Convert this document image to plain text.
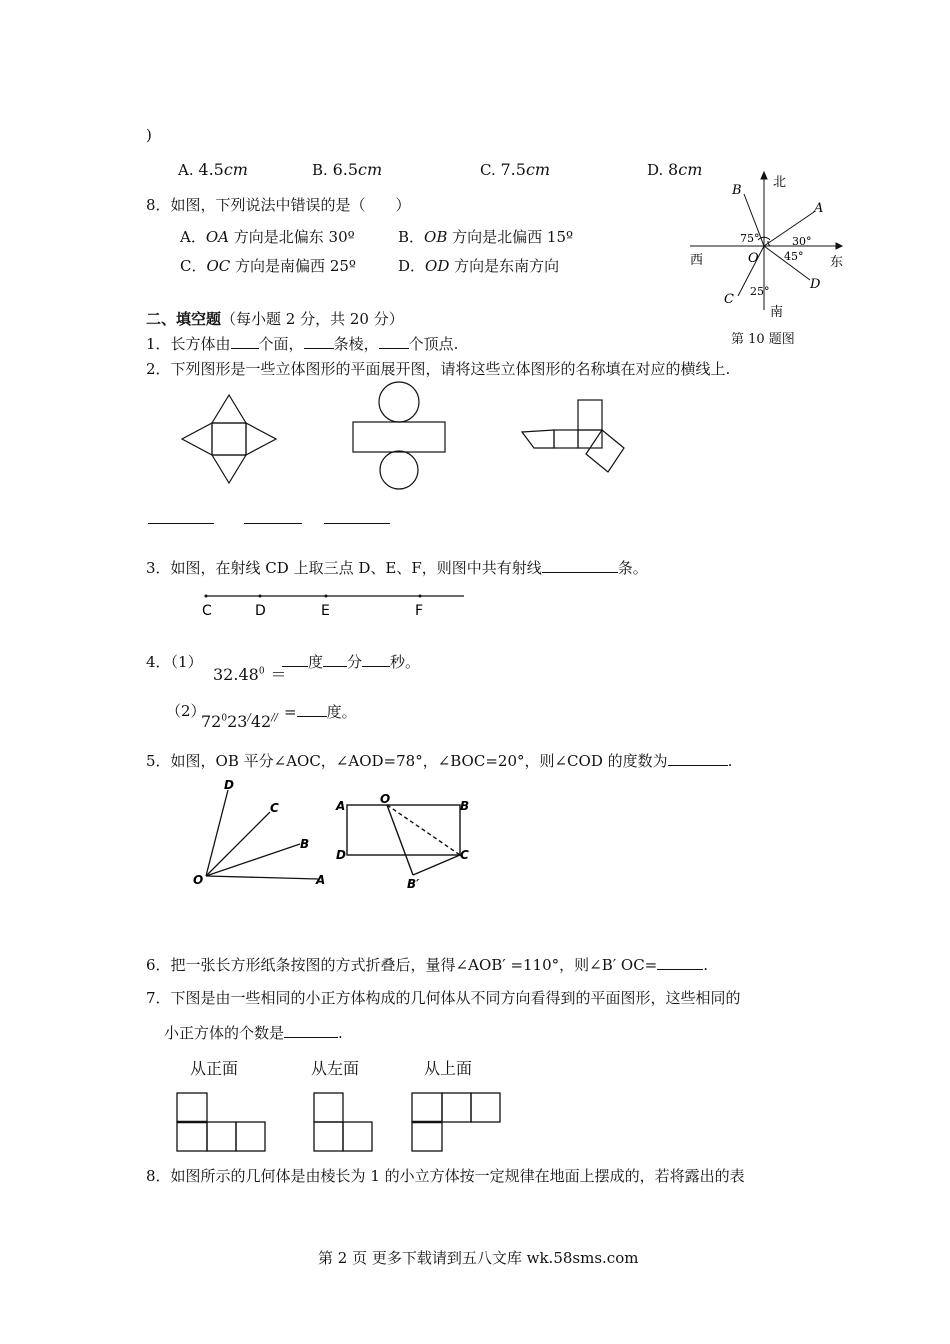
)
A. 4.5cm	B. 6.5cm	C. 7.5cm	D. 8cm
8．如图，下列说法中错误的是（　　）
A．OA 方向是北偏东 30º	B．OB 方向是北偏西 15º
C．OC 方向是南偏西 25º	D．OD 方向是东南方向
北
南
西	东
A
B
C
D
O
75°	30°
45°
25°
第 10 题图
二、填空题（每小题 2 分，共 20 分）
1．长方体由 个面， 条棱， 个顶点.
2．下列图形是一些立体图形的平面展开图，请将这些立体图形的名称填在对应的横线上.
3．如图，在射线 CD 上取三点 D、E、F，则图中共有射线	条。
C	D	E	F
4．（1）
$32.48^0$ ＝
度 分 秒。
（2）
$72^023^/42^{//}$ = 度。
5．如图，OB 平分∠AOC，∠AOD=78°，∠BOC=20°，则∠COD 的度数为	.
D
C
B
O	A
A	O	B
D	C
B′
6．把一张长方形纸条按图的方式折叠后，量得∠AOB′ =110°，则∠B′ OC=	.
7．下图是由一些相同的小正方体构成的几何体从不同方向看得到的平面图形，这些相同的
小正方体的个数是	.
从正面	从左面	从上面
8．如图所示的几何体是由棱长为 1 的小立方体按一定规律在地面上摆成的，若将露出的表
第 2 页 更多下载请到五八文库 wk.58sms.com
